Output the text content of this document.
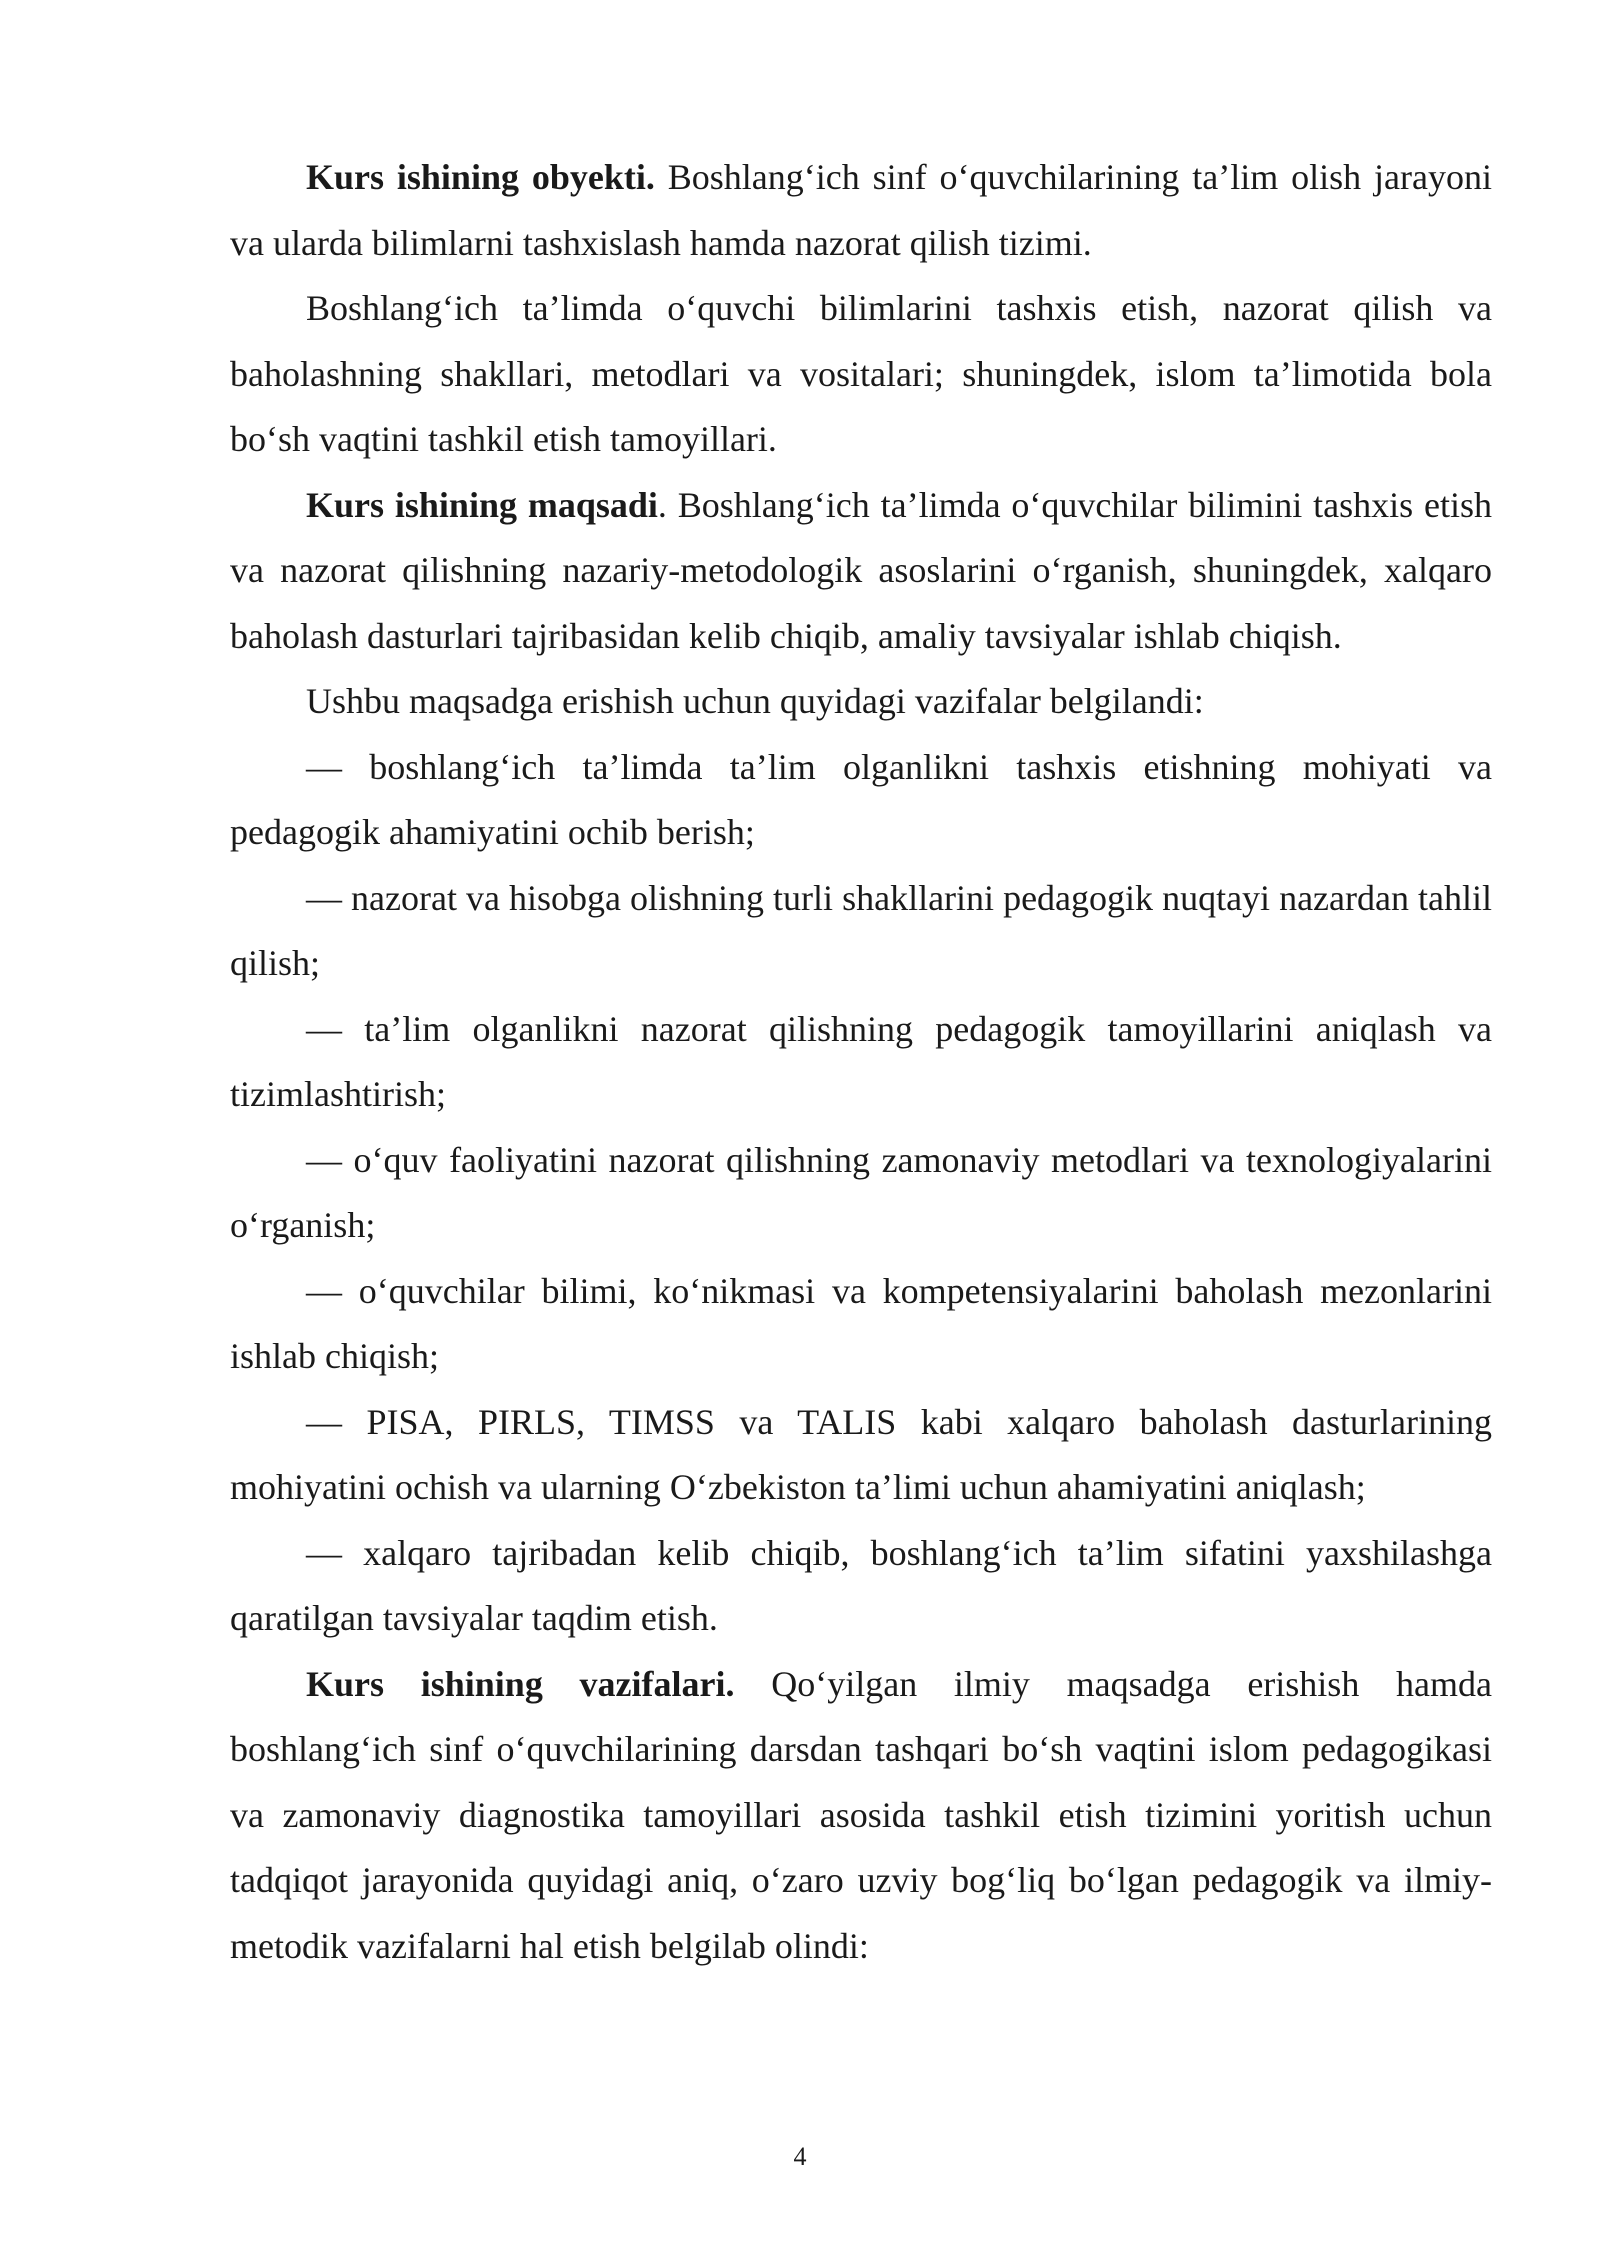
Kurs ishining obyekti. Boshlang‘ich sinf o‘quvchilarining ta’lim olish jarayoni va ularda bilimlarni tashxislash hamda nazorat qilish tizimi.

Boshlang‘ich ta’limda o‘quvchi bilimlarini tashxis etish, nazorat qilish va baholashning shakllari, metodlari va vositalari; shuningdek, islom ta’limotida bola bo‘sh vaqtini tashkil etish tamoyillari.

Kurs ishining maqsadi. Boshlang‘ich ta’limda o‘quvchilar bilimini tashxis etish va nazorat qilishning nazariy-metodologik asoslarini o‘rganish, shuningdek, xalqaro baholash dasturlari tajribasidan kelib chiqib, amaliy tavsiyalar ishlab chiqish.

Ushbu maqsadga erishish uchun quyidagi vazifalar belgilandi:

— boshlang‘ich ta’limda ta’lim olganlikni tashxis etishning mohiyati va pedagogik ahamiyatini ochib berish;

— nazorat va hisobga olishning turli shakllarini pedagogik nuqtayi nazardan tahlil qilish;

— ta’lim olganlikni nazorat qilishning pedagogik tamoyillarini aniqlash va tizimlashtirish;

— o‘quv faoliyatini nazorat qilishning zamonaviy metodlari va texnologiyalarini o‘rganish;

— o‘quvchilar bilimi, ko‘nikmasi va kompetensiyalarini baholash mezonlarini ishlab chiqish;

— PISA, PIRLS, TIMSS va TALIS kabi xalqaro baholash dasturlarining mohiyatini ochish va ularning O‘zbekiston ta’limi uchun ahamiyatini aniqlash;

— xalqaro tajribadan kelib chiqib, boshlang‘ich ta’lim sifatini yaxshilashga qaratilgan tavsiyalar taqdim etish.

Kurs ishining vazifalari. Qo‘yilgan ilmiy maqsadga erishish hamda boshlang‘ich sinf o‘quvchilarining darsdan tashqari bo‘sh vaqtini islom pedagogikasi va zamonaviy diagnostika tamoyillari asosida tashkil etish tizimini yoritish uchun tadqiqot jarayonida quyidagi aniq, o‘zaro uzviy bog‘liq bo‘lgan pedagogik va ilmiy-metodik vazifalarni hal etish belgilab olindi:

4
